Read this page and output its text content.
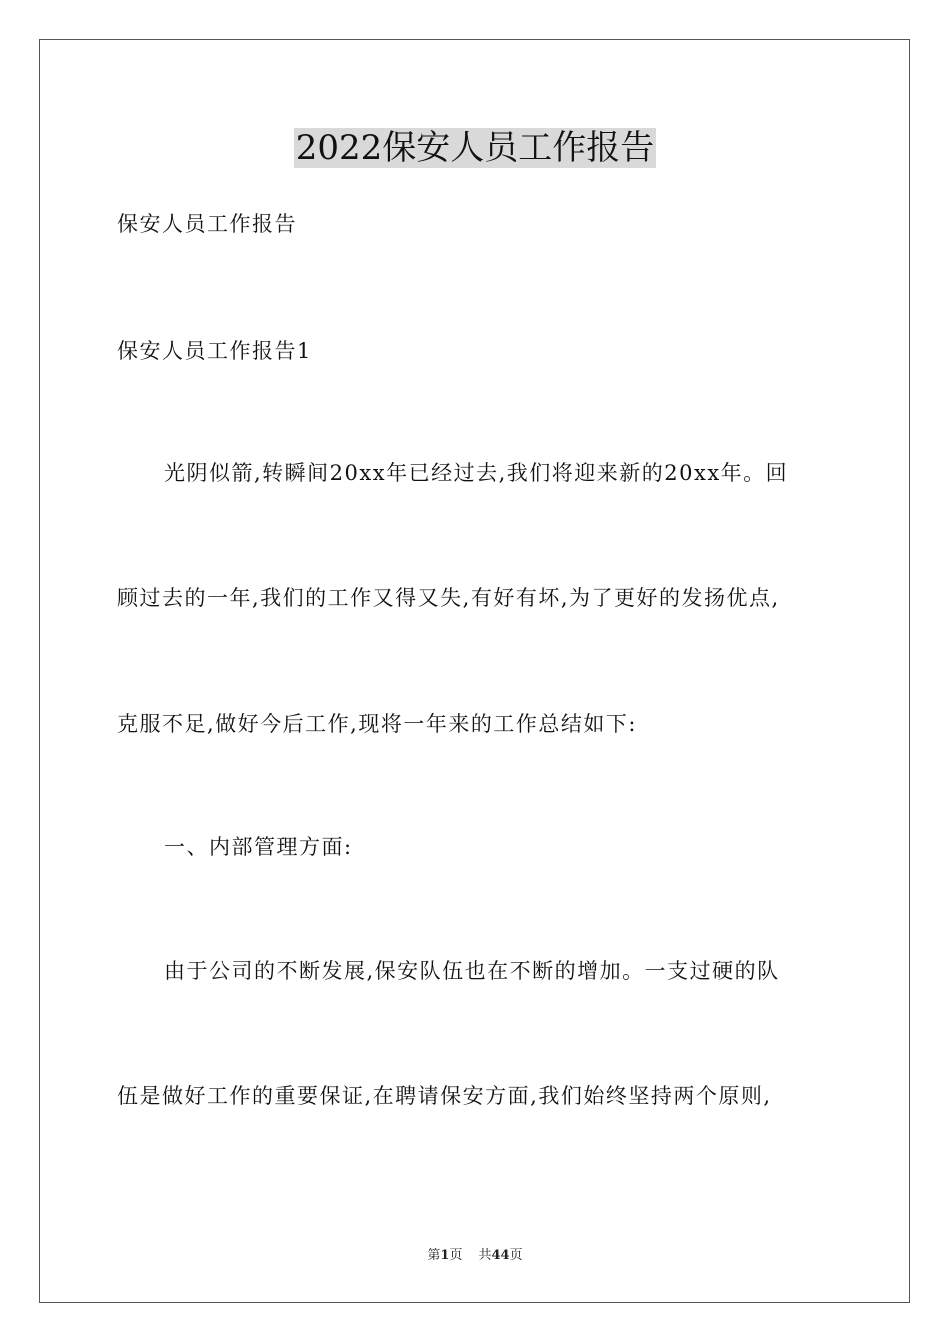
2022保安人员工作报告

保安人员工作报告

保安人员工作报告1

光阴似箭,转瞬间20xx年已经过去,我们将迎来新的20xx年。回

顾过去的一年,我们的工作又得又失,有好有坏,为了更好的发扬优点,

克服不足,做好今后工作,现将一年来的工作总结如下:

一、内部管理方面:

由于公司的不断发展,保安队伍也在不断的增加。一支过硬的队

伍是做好工作的重要保证,在聘请保安方面,我们始终坚持两个原则,

第1页 共44页
